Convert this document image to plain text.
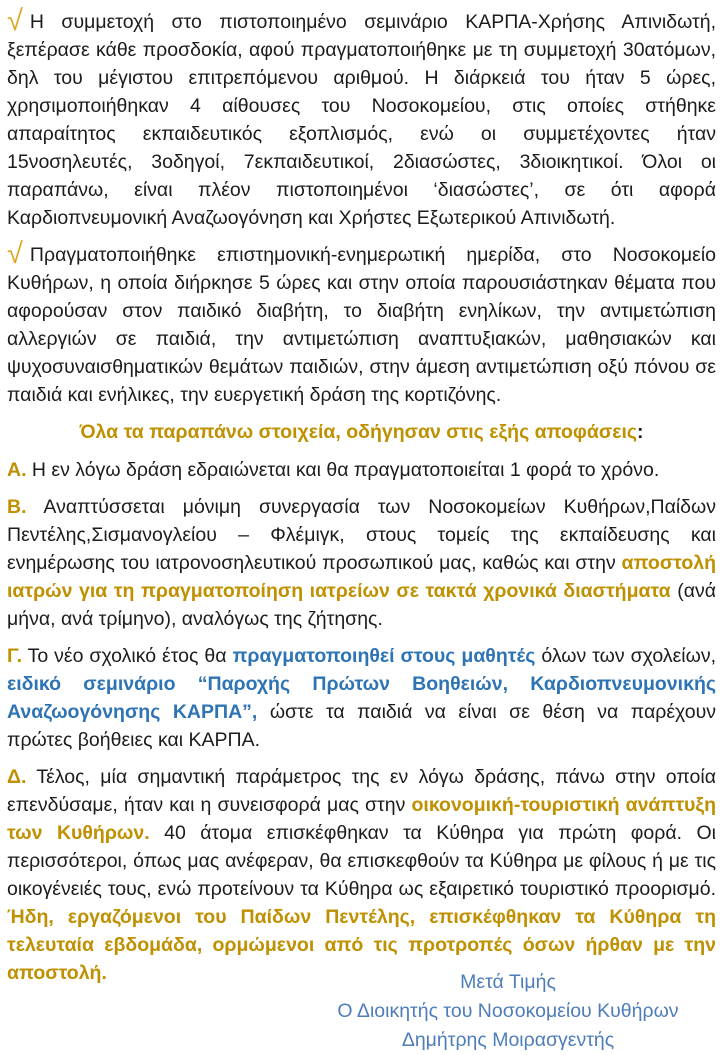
√ Η συμμετοχή στο πιστοποιημένο σεμινάριο ΚΑΡΠΑ-Χρήσης Απινιδωτή, ξεπέρασε κάθε προσδοκία, αφού πραγματοποιήθηκε με τη συμμετοχή 30ατόμων, δηλ του μέγιστου επιτρεπόμενου αριθμού. Η διάρκειά του ήταν 5 ώρες, χρησιμοποιήθηκαν 4 αίθουσες του Νοσοκομείου, στις οποίες στήθηκε απαραίτητος εκπαιδευτικός εξοπλισμός, ενώ οι συμμετέχοντες ήταν 15νοσηλευτές, 3οδηγοί, 7εκπαιδευτικοί, 2διασώστες, 3διοικητικοί. Όλοι οι παραπάνω, είναι πλέον πιστοποιημένοι ‘διασώστες’, σε ότι αφορά Καρδιοπνευμονική Αναζωογόνηση και Χρήστες Εξωτερικού Απινιδωτή.

√ Πραγματοποιήθηκε επιστημονική-ενημερωτική ημερίδα, στο Νοσοκομείο Κυθήρων, η οποία διήρκησε 5 ώρες και στην οποία παρουσιάστηκαν θέματα που αφορούσαν στον παιδικό διαβήτη, το διαβήτη ενηλίκων, την αντιμετώπιση αλλεργιών σε παιδιά, την αντιμετώπιση αναπτυξιακών, μαθησιακών και ψυχοσυναισθηματικών θεμάτων παιδιών, στην άμεση αντιμετώπιση οξύ πόνου σε παιδιά και ενήλικες, την ευεργετική δράση της κορτιζόνης.

Όλα τα παραπάνω στοιχεία, οδήγησαν στις εξής αποφάσεις:

Α. Η εν λόγω δράση εδραιώνεται και θα πραγματοποιείται 1 φορά το χρόνο.

Β. Αναπτύσσεται μόνιμη συνεργασία των Νοσοκομείων Κυθήρων,Παίδων Πεντέλης,Σισμανογλείου – Φλέμιγκ, στους τομείς της εκπαίδευσης και ενημέρωσης του ιατρονοσηλευτικού προσωπικού μας, καθώς και στην αποστολή ιατρών για τη πραγματοποίηση ιατρείων σε τακτά χρονικά διαστήματα (ανά μήνα, ανά τρίμηνο), αναλόγως της ζήτησης.

Γ. Το νέο σχολικό έτος θα πραγματοποιηθεί στους μαθητές όλων των σχολείων, ειδικό σεμινάριο “Παροχής Πρώτων Βοηθειών, Καρδιοπνευμονικής Αναζωογόνησης ΚΑΡΠΑ”, ώστε τα παιδιά να είναι σε θέση να παρέχουν πρώτες βοήθειες και ΚΑΡΠΑ.

Δ. Τέλος, μία σημαντική παράμετρος της εν λόγω δράσης, πάνω στην οποία επενδύσαμε, ήταν και η συνεισφορά μας στην οικονομική-τουριστική ανάπτυξη των Κυθήρων. 40 άτομα επισκέφθηκαν τα Κύθηρα για πρώτη φορά. Οι περισσότεροι, όπως μας ανέφεραν, θα επισκεφθούν τα Κύθηρα με φίλους ή με τις οικογένειές τους, ενώ προτείνουν τα Κύθηρα ως εξαιρετικό τουριστικό προορισμό. Ήδη, εργαζόμενοι του Παίδων Πεντέλης, επισκέφθηκαν τα Κύθηρα τη τελευταία εβδομάδα, ορμώμενοι από τις προτροπές όσων ήρθαν με την αποστολή.	Μετά Τιμής
Ο Διοικητής του Νοσοκομείου Κυθήρων
Δημήτρης Μοιρασγεντής
